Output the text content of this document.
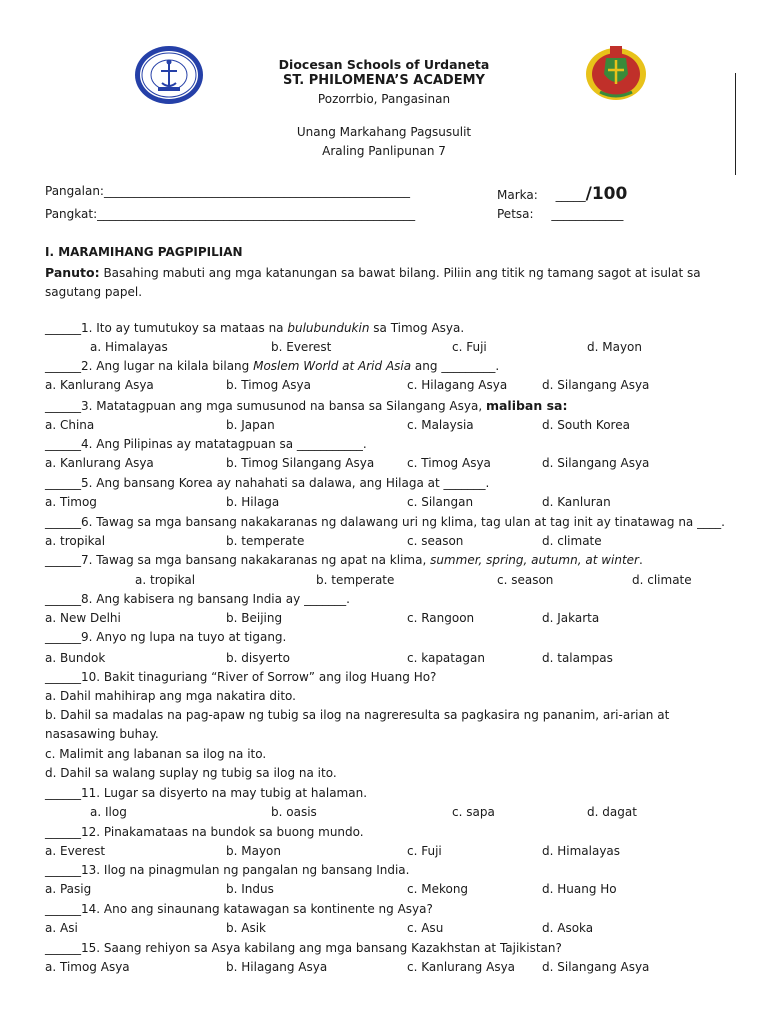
Diocesan Schools of Urdaneta
ST. PHILOMENA’S ACADEMY
Pozorrbio, Pangasinan
Unang Markahang Pagsusulit
Araling Panlipunan 7
Pangalan:___________________________________________________	Marka: _____/100
Pangkat:_____________________________________________________	Petsa: ____________
I. MARAMIHANG PAGPIPILIAN
Panuto: Basahing mabuti ang mga katanungan sa bawat bilang. Piliin ang titik ng tamang sagot at isulat sa sagutang papel.
______1. Ito ay tumutukoy sa mataas na bulubundukin sa Timog Asya.
a. Himalayas	b. Everest	c. Fuji	d. Mayon
______2. Ang lugar na kilala bilang Moslem World at Arid Asia ang _________.
a. Kanlurang Asya	b. Timog Asya	c. Hilagang Asya	d. Silangang Asya
______3. Matatagpuan ang mga sumusunod na bansa sa Silangang Asya, maliban sa:
a. China	b. Japan	c. Malaysia	d. South Korea
______4. Ang Pilipinas ay matatagpuan sa ___________.
a. Kanlurang Asya	b. Timog Silangang Asya	c. Timog Asya	d. Silangang Asya
______5. Ang bansang Korea ay nahahati sa dalawa, ang Hilaga at _______.
a. Timog	b. Hilaga	c. Silangan	d. Kanluran
______6. Tawag sa mga bansang nakakaranas ng dalawang uri ng klima, tag ulan at tag init ay tinatawag na ____.
a. tropikal	b. temperate	c. season	d. climate
______7. Tawag sa mga bansang nakakaranas ng apat na klima, summer, spring, autumn, at winter.
a. tropikal	b. temperate	c. season	d. climate
______8. Ang kabisera ng bansang India ay _______.
a. New Delhi	b. Beijing	c. Rangoon	d. Jakarta
______9. Anyo ng lupa na tuyo at tigang.
a. Bundok	b. disyerto	c. kapatagan	d. talampas
______10. Bakit tinaguriang “River of Sorrow” ang ilog Huang Ho?
a. Dahil mahihirap ang mga nakatira dito.
b. Dahil sa madalas na pag-apaw ng tubig sa ilog na nagreresulta sa pagkasira ng pananim, ari-arian at nasasawing buhay.
c. Malimit ang labanan sa ilog na ito.
d. Dahil sa walang suplay ng tubig sa ilog na ito.
______11. Lugar sa disyerto na may tubig at halaman.
a. Ilog	b. oasis	c. sapa	d. dagat
______12. Pinakamataas na bundok sa buong mundo.
a. Everest	b. Mayon	c. Fuji	d. Himalayas
______13. Ilog na pinagmulan ng pangalan ng bansang India.
a. Pasig	b. Indus	c. Mekong	d. Huang Ho
______14. Ano ang sinaunang katawagan sa kontinente ng Asya?
a. Asi	b. Asik	c. Asu	d. Asoka
______15. Saang rehiyon sa Asya kabilang ang mga bansang Kazakhstan at Tajikistan?
a. Timog Asya	b. Hilagang Asya	c. Kanlurang Asya d. Silangang Asya
